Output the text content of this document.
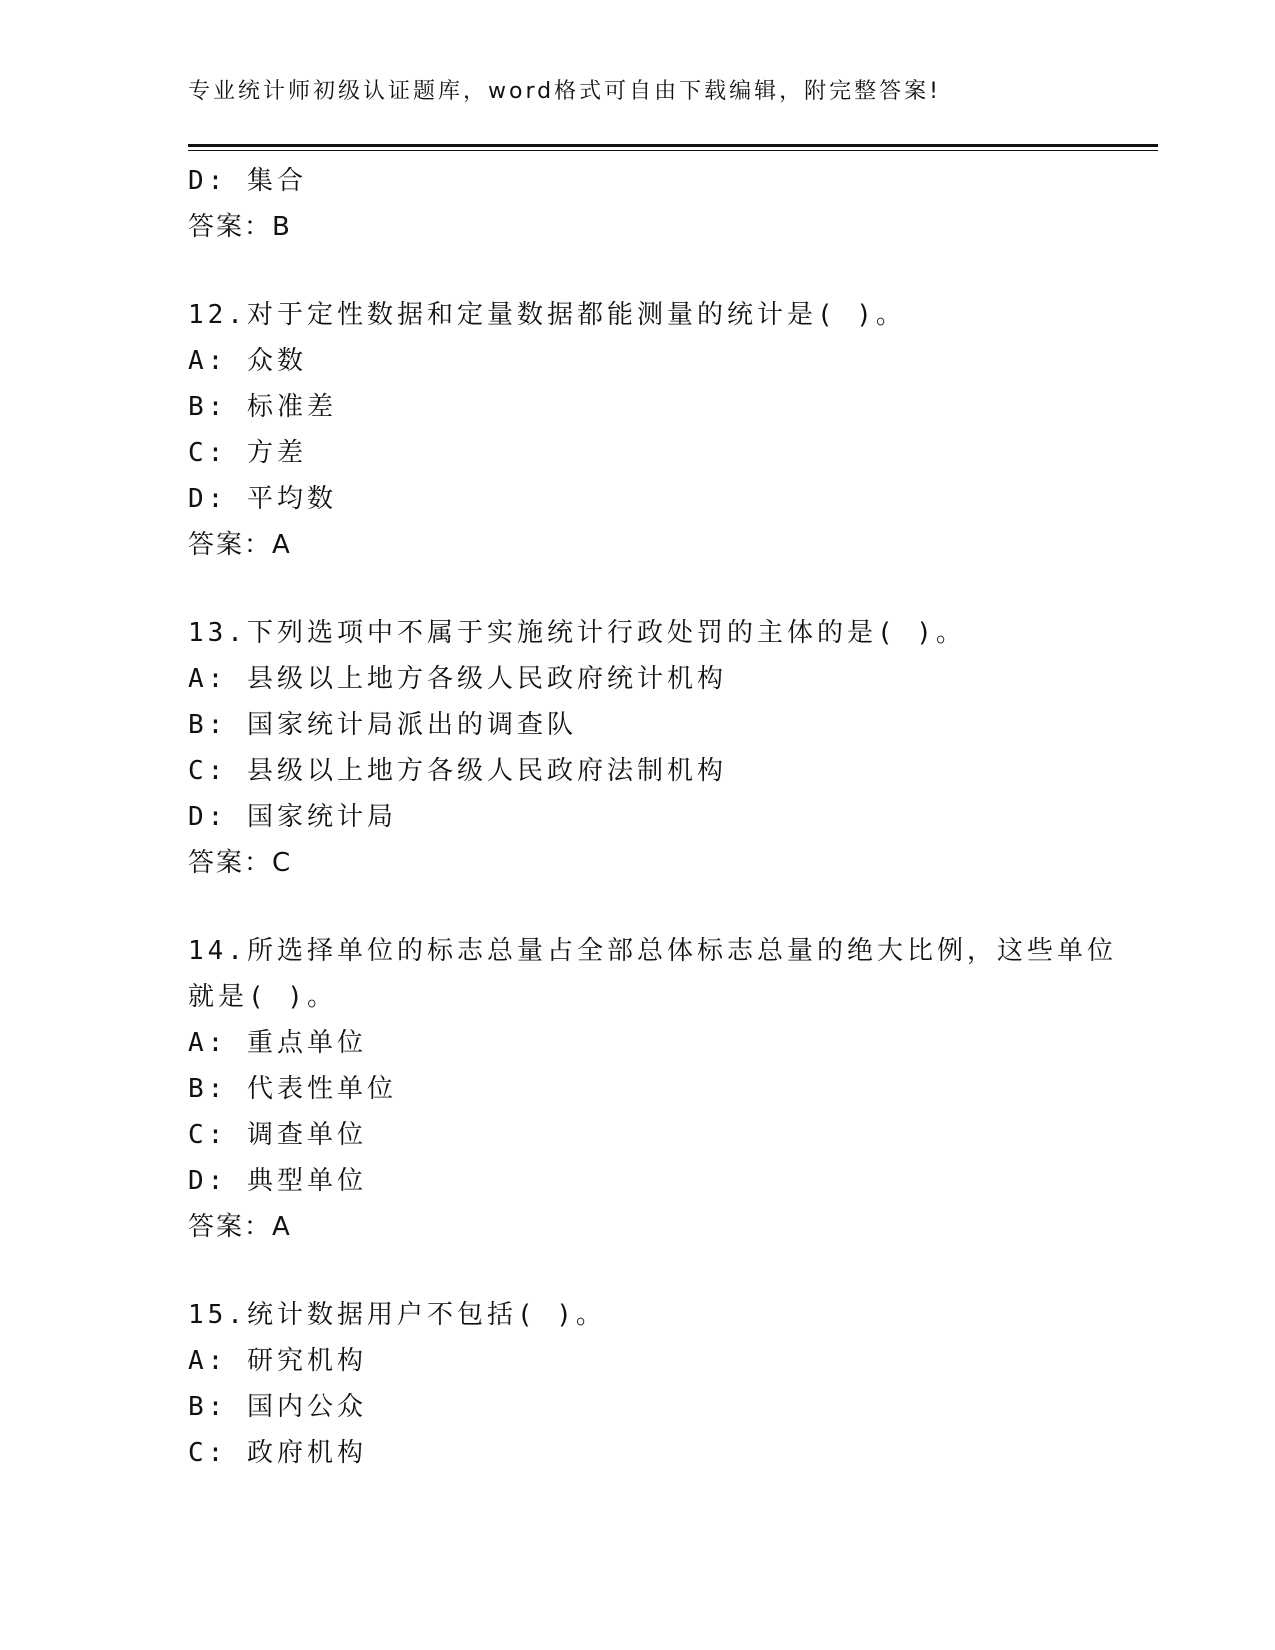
专业统计师初级认证题库，word格式可自由下载编辑，附完整答案!
D: 集合
答案：B
12.对于定性数据和定量数据都能测量的统计是( )。
A: 众数
B: 标准差
C: 方差
D: 平均数
答案：A
13.下列选项中不属于实施统计行政处罚的主体的是( )。
A: 县级以上地方各级人民政府统计机构
B: 国家统计局派出的调查队
C: 县级以上地方各级人民政府法制机构
D: 国家统计局
答案：C
14.所选择单位的标志总量占全部总体标志总量的绝大比例，这些单位
就是( )。
A: 重点单位
B: 代表性单位
C: 调查单位
D: 典型单位
答案：A
15.统计数据用户不包括( )。
A: 研究机构
B: 国内公众
C: 政府机构
